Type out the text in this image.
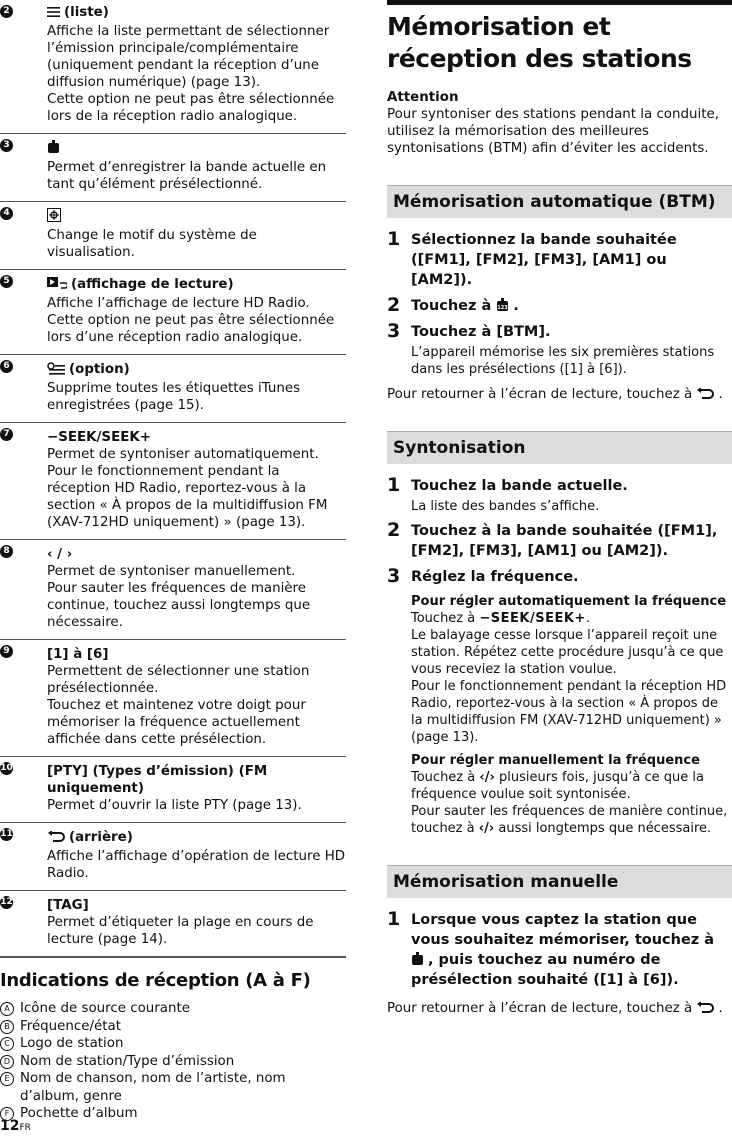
2	(liste)
Affiche la liste permettant de sélectionner l’émission principale/complémentaire (uniquement pendant la réception d’une diffusion numérique) (page 13).
Cette option ne peut pas être sélectionnée lors de la réception radio analogique.
3
Permet d’enregistrer la bande actuelle en tant qu’élément présélectionné.
4
Change le motif du système de visualisation.
5	(affichage de lecture)
Affiche l’affichage de lecture HD Radio.
Cette option ne peut pas être sélectionnée lors d’une réception radio analogique.
6	(option)
Supprime toutes les étiquettes iTunes enregistrées (page 15).
7	−SEEK/SEEK+
Permet de syntoniser automatiquement.
Pour le fonctionnement pendant la réception HD Radio, reportez-vous à la section « À propos de la multidiffusion FM (XAV-712HD uniquement) » (page 13).
8	‹ / ›
Permet de syntoniser manuellement.
Pour sauter les fréquences de manière continue, touchez aussi longtemps que nécessaire.
9	[1] à [6]
Permettent de sélectionner une station présélectionnée.
Touchez et maintenez votre doigt pour mémoriser la fréquence actuellement affichée dans cette présélection.
10	[PTY] (Types d’émission) (FM uniquement)
Permet d’ouvrir la liste PTY (page 13).
11	(arrière)
Affiche l’affichage d’opération de lecture HD Radio.
12	[TAG]
Permet d’étiqueter la plage en cours de lecture (page 14).
Indications de réception (A à F)
A Icône de source courante
B Fréquence/état
C Logo de station
D Nom de station/Type d’émission
E Nom de chanson, nom de l’artiste, nom d’album, genre
F Pochette d’album
12FR
Mémorisation et réception des stations

Attention

Pour syntoniser des stations pendant la conduite, utilisez la mémorisation des meilleures syntonisations (BTM) afin d’éviter les accidents.

Mémorisation automatique (BTM)
1 Sélectionnez la bande souhaitée ([FM1], [FM2], [FM3], [AM1] ou [AM2]).
2 Touchez à 123 .
3 Touchez à [BTM].
L’appareil mémorise les six premières stations dans les présélections ([1] à [6]).

Pour retourner à l’écran de lecture, touchez à .

Syntonisation
1 Touchez la bande actuelle.
La liste des bandes s’affiche.
2 Touchez à la bande souhaitée ([FM1], [FM2], [FM3], [AM1] ou [AM2]).
3 Réglez la fréquence.
Pour régler automatiquement la fréquence
Touchez à −SEEK/SEEK+.
Le balayage cesse lorsque l’appareil reçoit une station. Répétez cette procédure jusqu’à ce que vous receviez la station voulue.
Pour le fonctionnement pendant la réception HD Radio, reportez-vous à la section « À propos de la multidiffusion FM (XAV-712HD uniquement) » (page 13).
Pour régler manuellement la fréquence
Touchez à ‹/› plusieurs fois, jusqu’à ce que la fréquence voulue soit syntonisée.
Pour sauter les fréquences de manière continue, touchez à ‹/› aussi longtemps que nécessaire.
Mémorisation manuelle
1 Lorsque vous captez la station que vous souhaitez mémoriser, touchez à , puis touchez au numéro de présélection souhaité ([1] à [6]).

Pour retourner à l’écran de lecture, touchez à .
